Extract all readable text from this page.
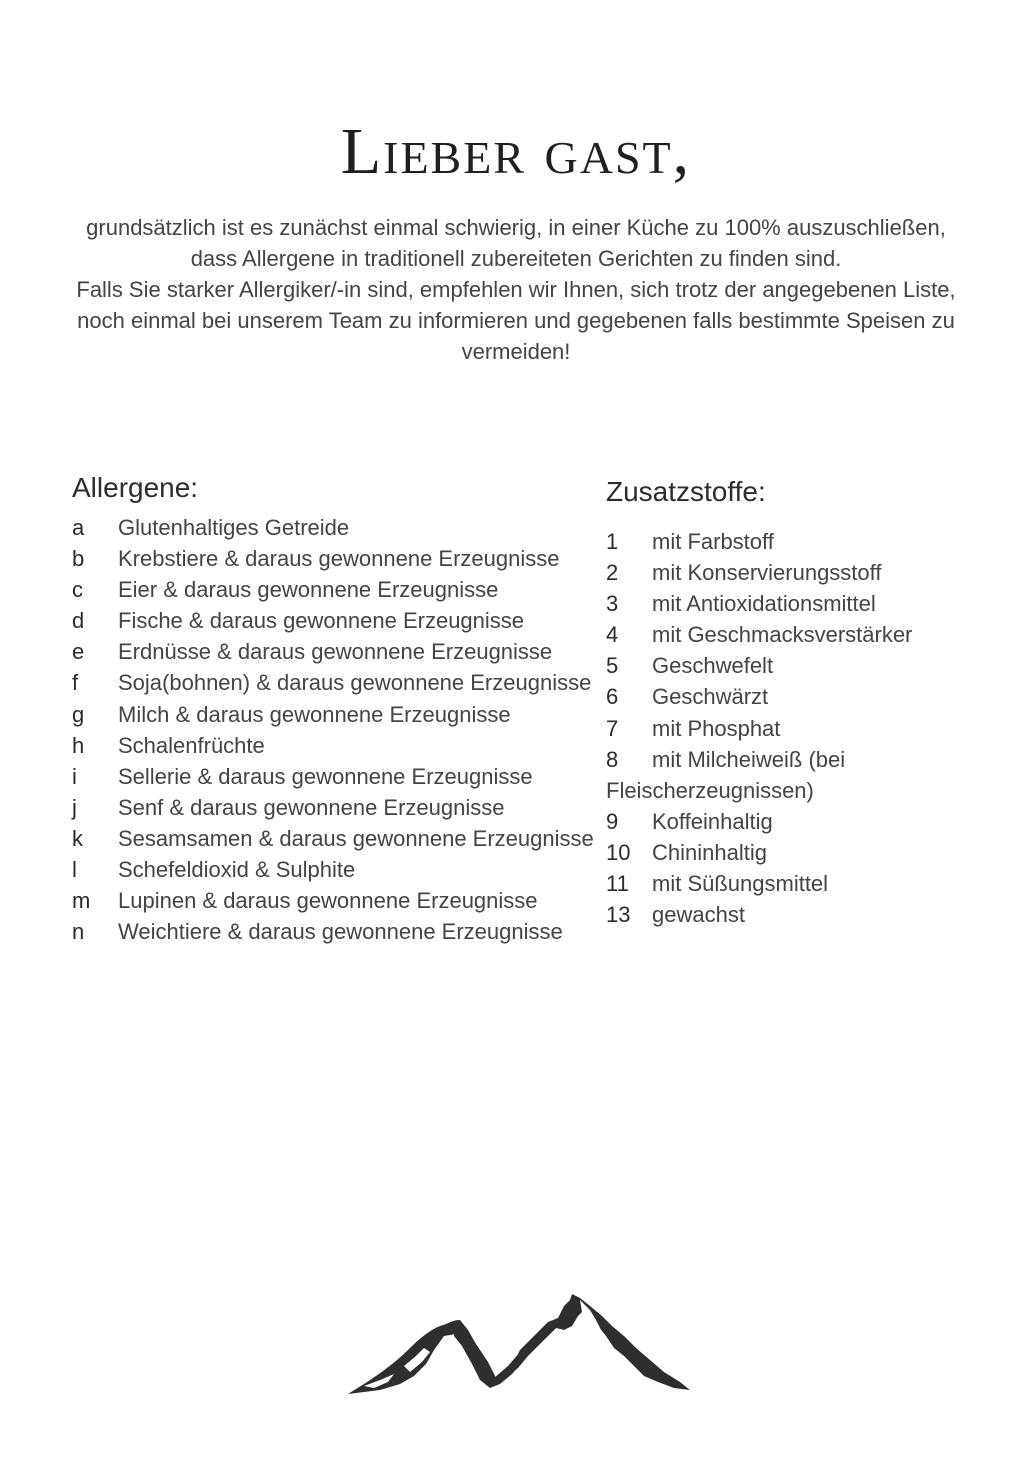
Lieber gast,

grundsätzlich ist es zunächst einmal schwierig, in einer Küche zu 100% auszuschließen, dass Allergene in traditionell zubereiteten Gerichten zu finden sind.

Falls Sie starker Allergiker/-in sind, empfehlen wir Ihnen, sich trotz der angegebenen Liste, noch einmal bei unserem Team zu informieren und gegebenen falls bestimmte Speisen zu vermeiden!

Allergene:
a Glutenhaltiges Getreide
b Krebstiere & daraus gewonnene Erzeugnisse
c Eier & daraus gewonnene Erzeugnisse
d Fische & daraus gewonnene Erzeugnisse
e Erdnüsse & daraus gewonnene Erzeugnisse
f Soja(bohnen) & daraus gewonnene Erzeugnisse
g Milch & daraus gewonnene Erzeugnisse
h Schalenfrüchte
i Sellerie & daraus gewonnene Erzeugnisse
j Senf & daraus gewonnene Erzeugnisse
k Sesamsamen & daraus gewonnene Erzeugnisse
l Schefeldioxid & Sulphite
m Lupinen & daraus gewonnene Erzeugnisse
n Weichtiere & daraus gewonnene Erzeugnisse
Zusatzstoffe:
1 mit Farbstoff
2 mit Konservierungsstoff
3 mit Antioxidationsmittel
4 mit Geschmacksverstärker
5 Geschwefelt
6 Geschwärzt
7 mit Phosphat
8 mit Milcheiweiß (bei Fleischerzeugnissen)
9 Koffeinhaltig
10 Chininhaltig
11 mit Süßungsmittel
13 gewachst
